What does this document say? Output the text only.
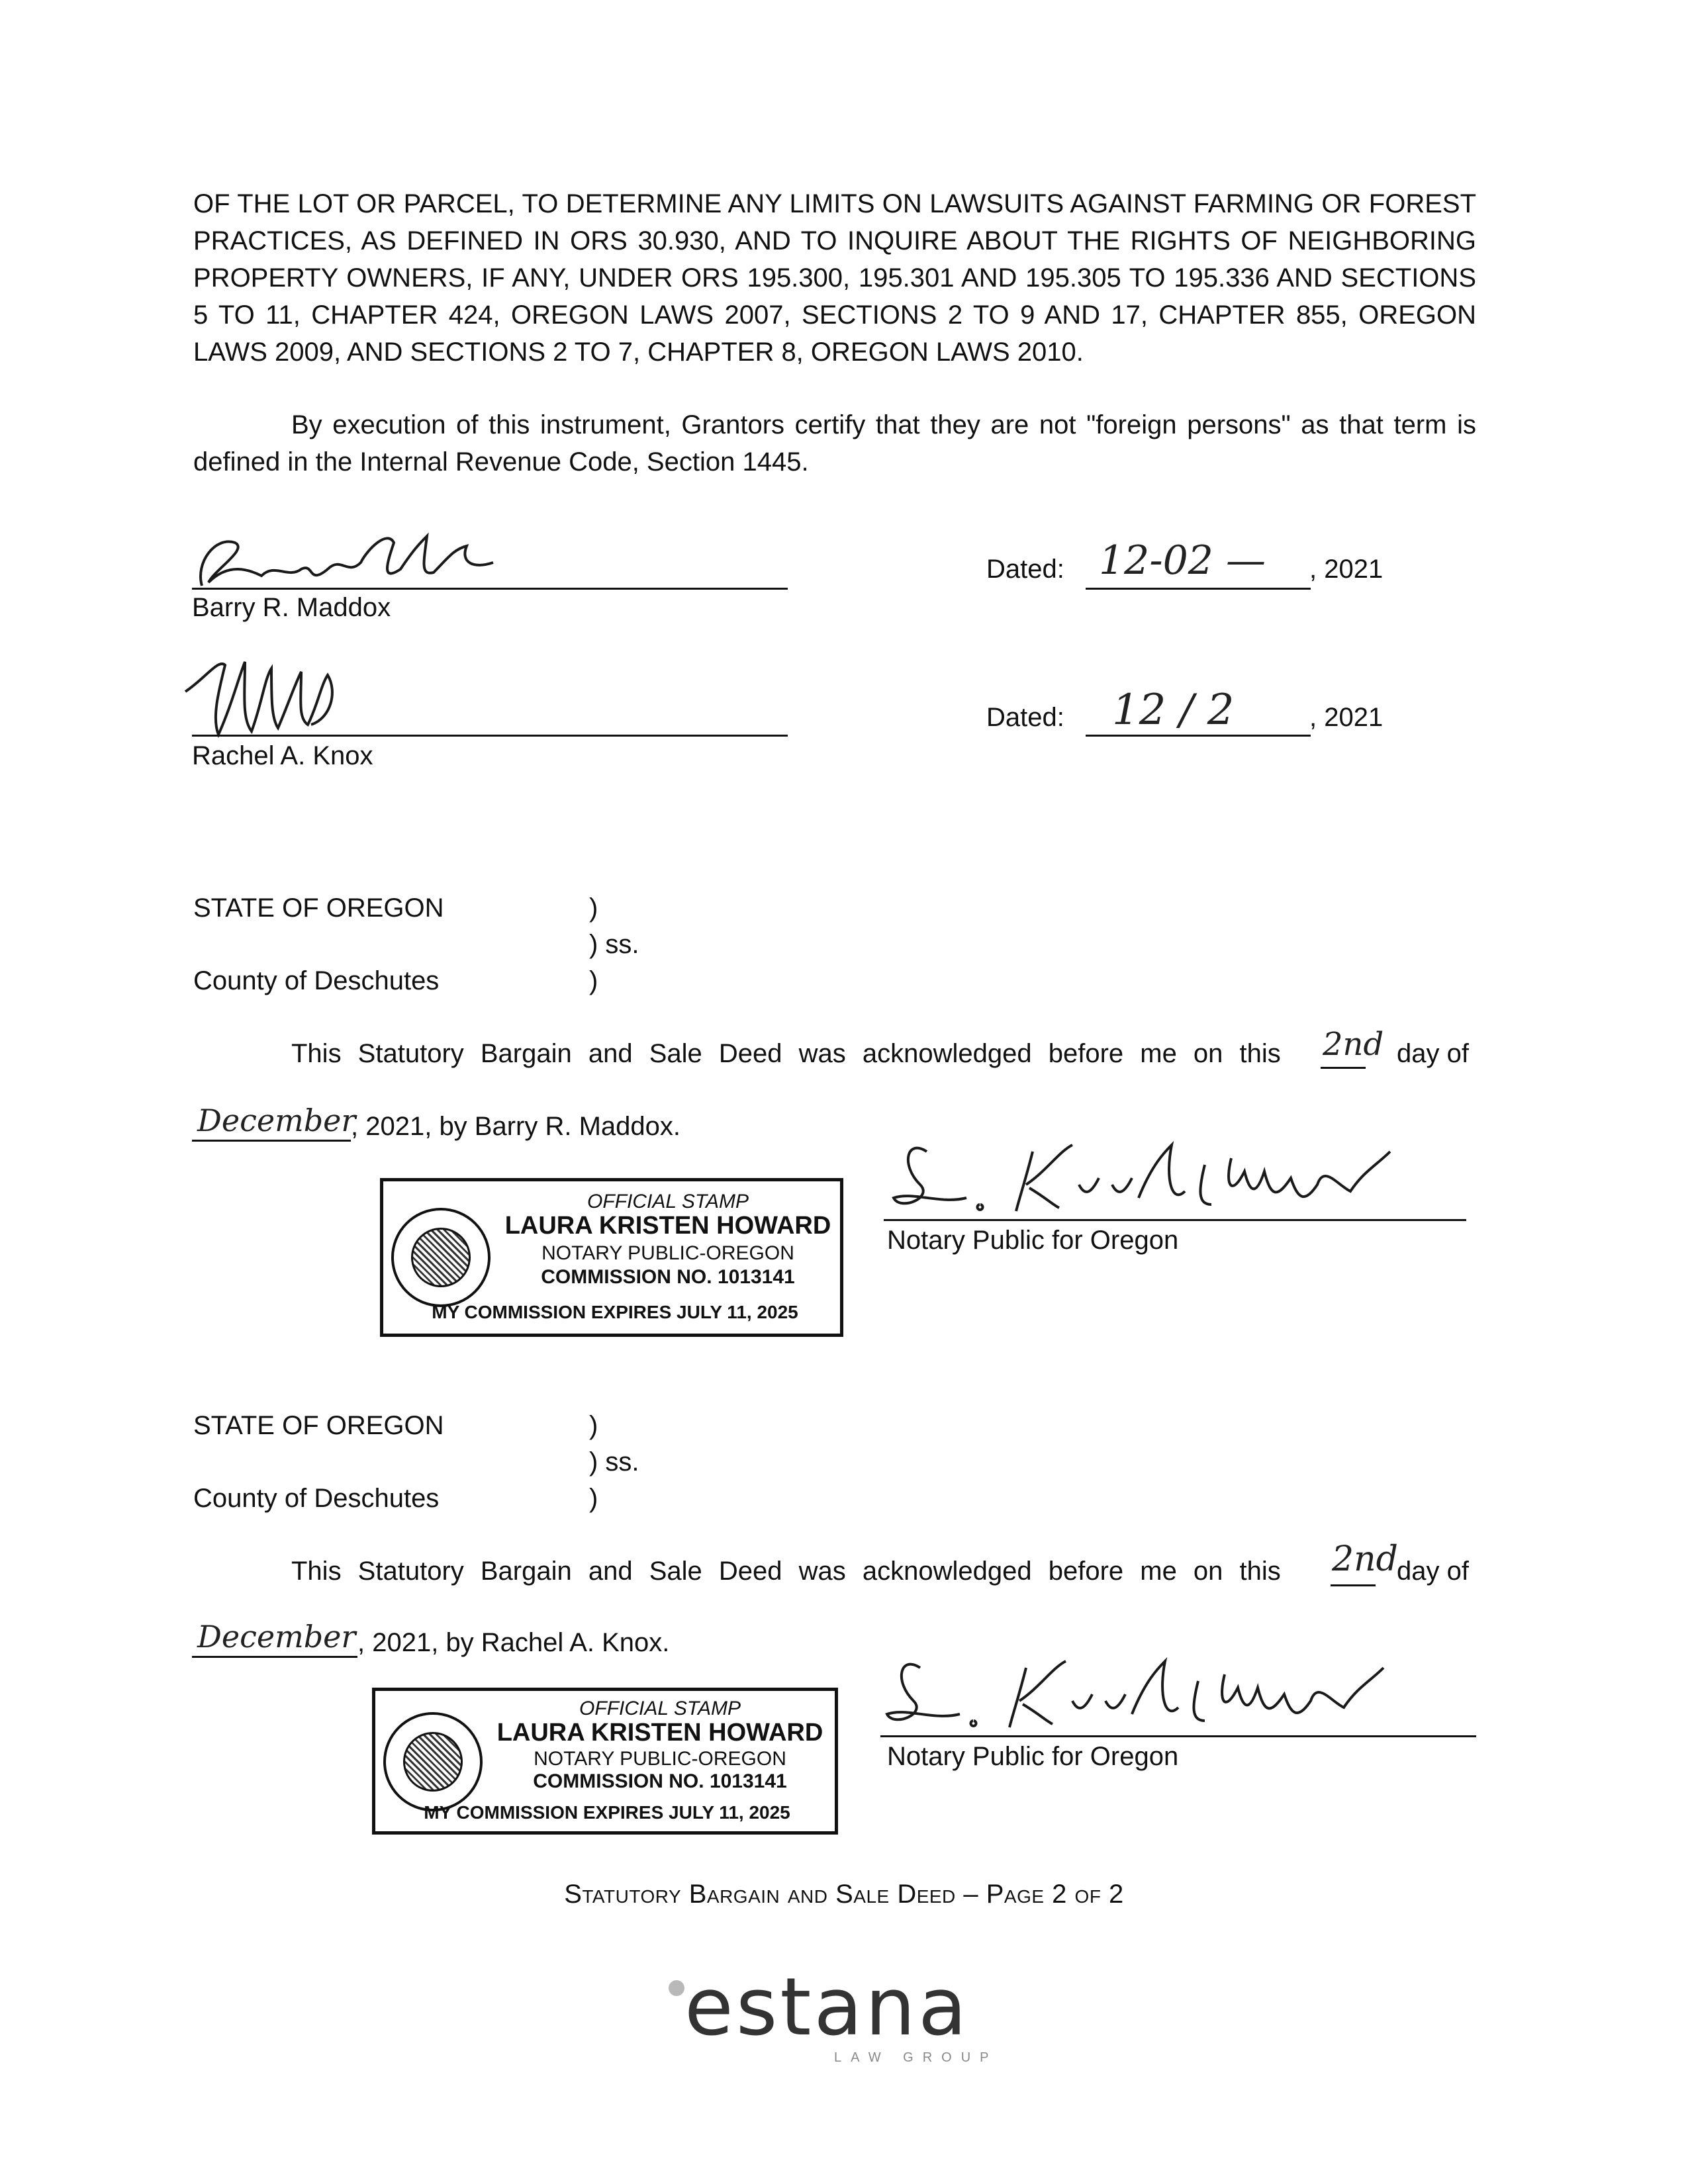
OF THE LOT OR PARCEL, TO DETERMINE ANY LIMITS ON LAWSUITS AGAINST FARMING OR FOREST PRACTICES, AS DEFINED IN ORS 30.930, AND TO INQUIRE ABOUT THE RIGHTS OF NEIGHBORING PROPERTY OWNERS, IF ANY, UNDER ORS 195.300, 195.301 AND 195.305 TO 195.336 AND SECTIONS 5 TO 11, CHAPTER 424, OREGON LAWS 2007, SECTIONS 2 TO 9 AND 17, CHAPTER 855, OREGON LAWS 2009, AND SECTIONS 2 TO 7, CHAPTER 8, OREGON LAWS 2010.
By execution of this instrument, Grantors certify that they are not "foreign persons" as that term is defined in the Internal Revenue Code, Section 1445.
Barry R. Maddox
Dated: 12-02 — , 2021
Rachel A. Knox
Dated: 12 / 2	, 2021
STATE OF OREGON
County of Deschutes
)
) ss.
)
This Statutory Bargain and Sale Deed was acknowledged before me on this 2nd day of
December
, 2021, by Barry R. Maddox.
OFFICIAL STAMP
LAURA KRISTEN HOWARD
NOTARY PUBLIC-OREGON
COMMISSION NO. 1013141
MY COMMISSION EXPIRES JULY 11, 2025
Notary Public for Oregon
STATE OF OREGON
County of Deschutes
)
) ss.
)
This Statutory Bargain and Sale Deed was acknowledged before me on this 2nd
day of
December , 2021, by Rachel A. Knox.
OFFICIAL STAMP
LAURA KRISTEN HOWARD
NOTARY PUBLIC-OREGON
COMMISSION NO. 1013141
MY COMMISSION EXPIRES JULY 11, 2025
Notary Public for Oregon
Statutory Bargain and Sale Deed – Page 2 of 2
estana
LAW GROUP
